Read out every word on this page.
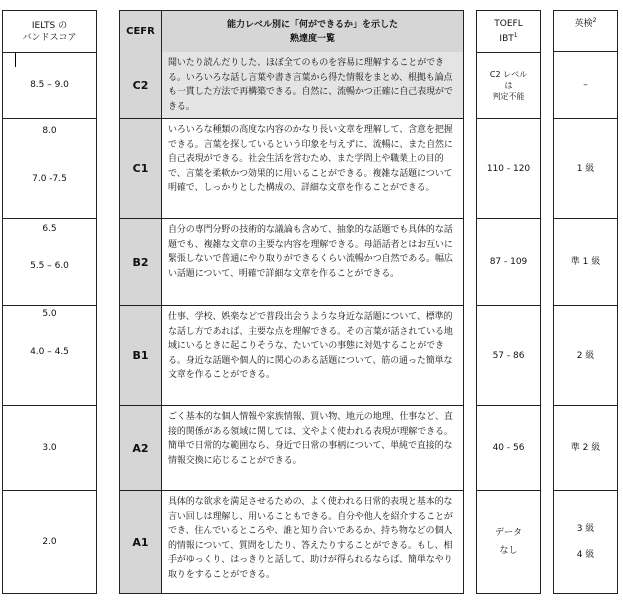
IELTS の
バンドスコア
8.5 – 9.0
8.0
7.0 -7.5
6.5
5.5 – 6.0
5.0
4.0 – 4.5
3.0
2.0
CEFR
能力レベル別に「何ができるか」を示した
熟達度一覧
C2
聞いたり読んだりした、ほぼ全てのものを容易に理解することができる。いろいろな話し言葉や書き言葉から得た情報をまとめ、根拠も論点も一貫した方法で再構築できる。自然に、流暢かつ正確に自己表現ができる。
C1
いろいろな種類の高度な内容のかなり長い文章を理解して、含意を把握できる。言葉を探しているという印象を与えずに、流暢に、また自然に自己表現ができる。社会生活を営むため、また学問上や職業上の目的で、言葉を柔軟かつ効果的に用いることができる。複雑な話題について明確で、しっかりとした構成の、詳細な文章を作ることができる。
B2
自分の専門分野の技術的な議論も含めて、抽象的な話題でも具体的な話題でも、複雑な文章の主要な内容を理解できる。母語話者とはお互いに緊張しないで普通にやり取りができるくらい流暢かつ自然である。幅広い話題について、明確で詳細な文章を作ることができる。
B1
仕事、学校、娯楽などで普段出会うような身近な話題について、標準的な話し方であれば、主要な点を理解できる。その言葉が話されている地域にいるときに起こりそうな、たいていの事態に対処することができる。身近な話題や個人的に関心のある話題について、筋の通った簡単な文章を作ることができる。
A2
ごく基本的な個人情報や家族情報、買い物、地元の地理、仕事など、直接的関係がある領域に関しては、文やよく使われる表現が理解できる。簡単で日常的な範囲なら、身近で日常の事柄について、単純で直接的な情報交換に応じることができる。
A1
具体的な欲求を満足させるための、よく使われる日常的表現と基本的な言い回しは理解し、用いることもできる。自分や他人を紹介することができ、住んでいるところや、誰と知り合いであるか、持ち物などの個人的情報について、質問をしたり、答えたりすることができる。もし、相手がゆっくり、はっきりと話して、助けが得られるならば、簡単なやり取りをすることができる。
TOEFL
IBT$^1$
C2 レベル
は
判定不能
110 - 120
87 - 109
57 - 86
40 - 56
データ
なし
英検$^2$
–
1 級
準 1 級
2 級
準 2 級
3 級
4 級
